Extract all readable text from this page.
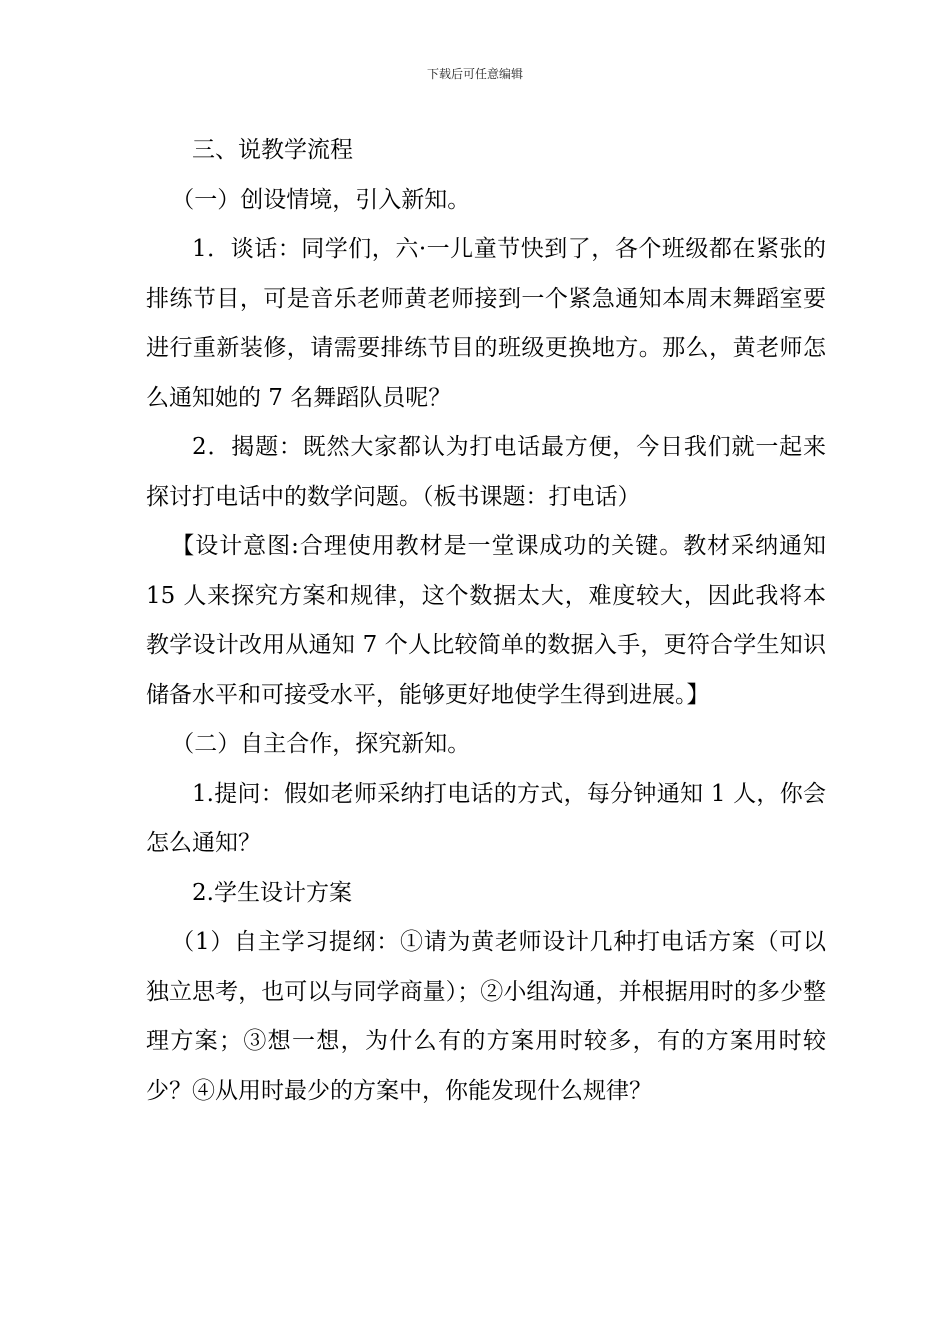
下载后可任意编辑

三、说教学流程

（一）创设情境，引入新知。

1．谈话：同学们，六·一儿童节快到了，各个班级都在紧张的排练节目，可是音乐老师黄老师接到一个紧急通知本周末舞蹈室要进行重新装修，请需要排练节目的班级更换地方。那么，黄老师怎么通知她的 7 名舞蹈队员呢？

2．揭题：既然大家都认为打电话最方便，今日我们就一起来探讨打电话中的数学问题。（板书课题：打电话）

【设计意图:合理使用教材是一堂课成功的关键。教材采纳通知 15 人来探究方案和规律，这个数据太大，难度较大，因此我将本教学设计改用从通知 7 个人比较简单的数据入手，更符合学生知识储备水平和可接受水平，能够更好地使学生得到进展。】

（二）自主合作，探究新知。

1.提问：假如老师采纳打电话的方式，每分钟通知 1 人，你会怎么通知？

2.学生设计方案

（1）自主学习提纲：①请为黄老师设计几种打电话方案（可以独立思考，也可以与同学商量）；②小组沟通，并根据用时的多少整理方案；③想一想，为什么有的方案用时较多，有的方案用时较少？④从用时最少的方案中，你能发现什么规律？
